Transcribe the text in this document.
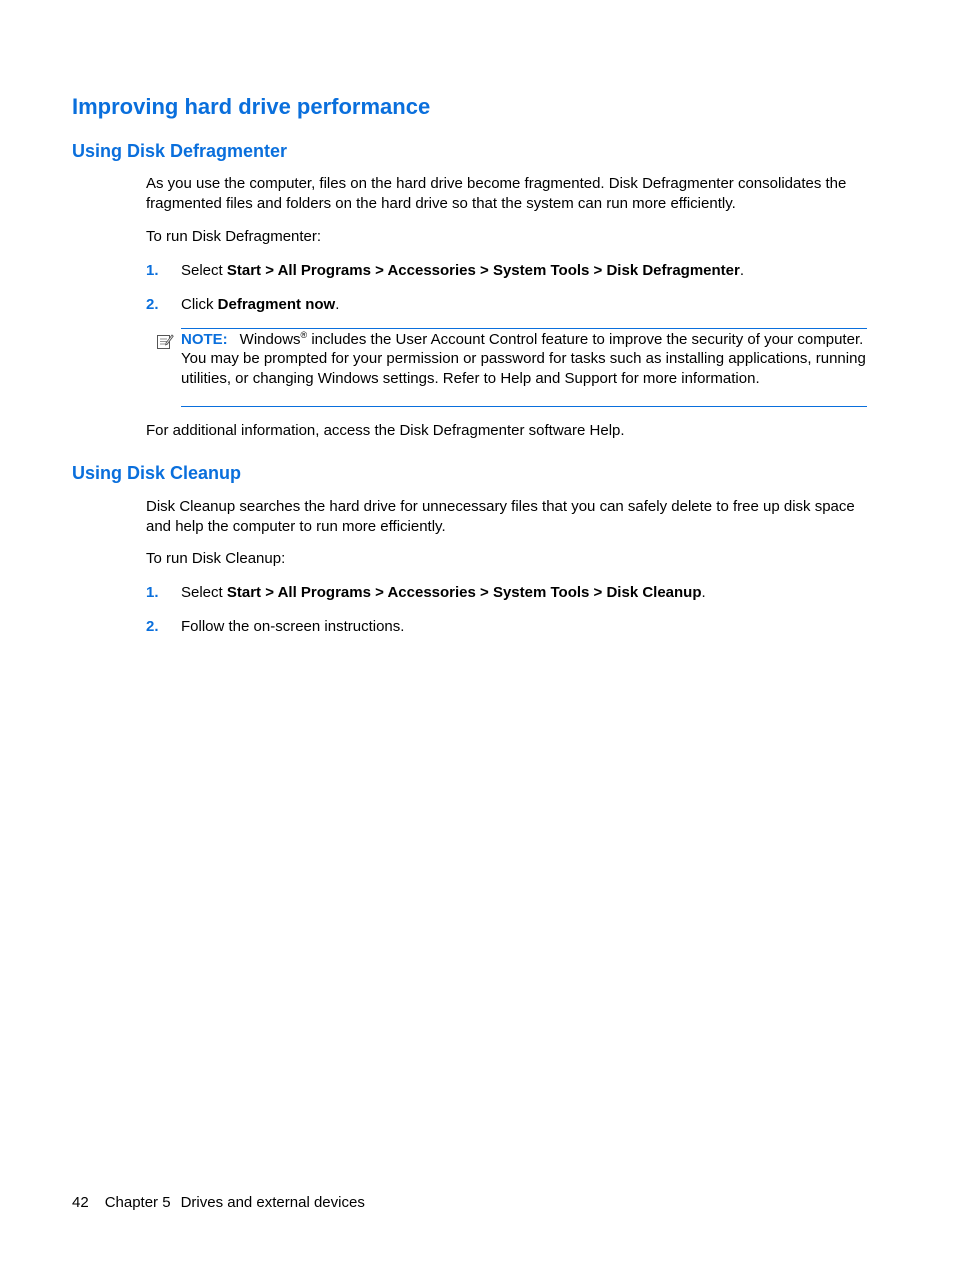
Improving hard drive performance
Using Disk Defragmenter

As you use the computer, files on the hard drive become fragmented. Disk Defragmenter consolidates the fragmented files and folders on the hard drive so that the system can run more efficiently.

To run Disk Defragmenter:

1. Select Start > All Programs > Accessories > System Tools > Disk Defragmenter.
2. Click Defragment now.

NOTE: Windows® includes the User Account Control feature to improve the security of your computer. You may be prompted for your permission or password for tasks such as installing applications, running utilities, or changing Windows settings. Refer to Help and Support for more information.

For additional information, access the Disk Defragmenter software Help.

Using Disk Cleanup

Disk Cleanup searches the hard drive for unnecessary files that you can safely delete to free up disk space and help the computer to run more efficiently.

To run Disk Cleanup:

1. Select Start > All Programs > Accessories > System Tools > Disk Cleanup.
2. Follow the on-screen instructions.
42 Chapter 5 Drives and external devices
